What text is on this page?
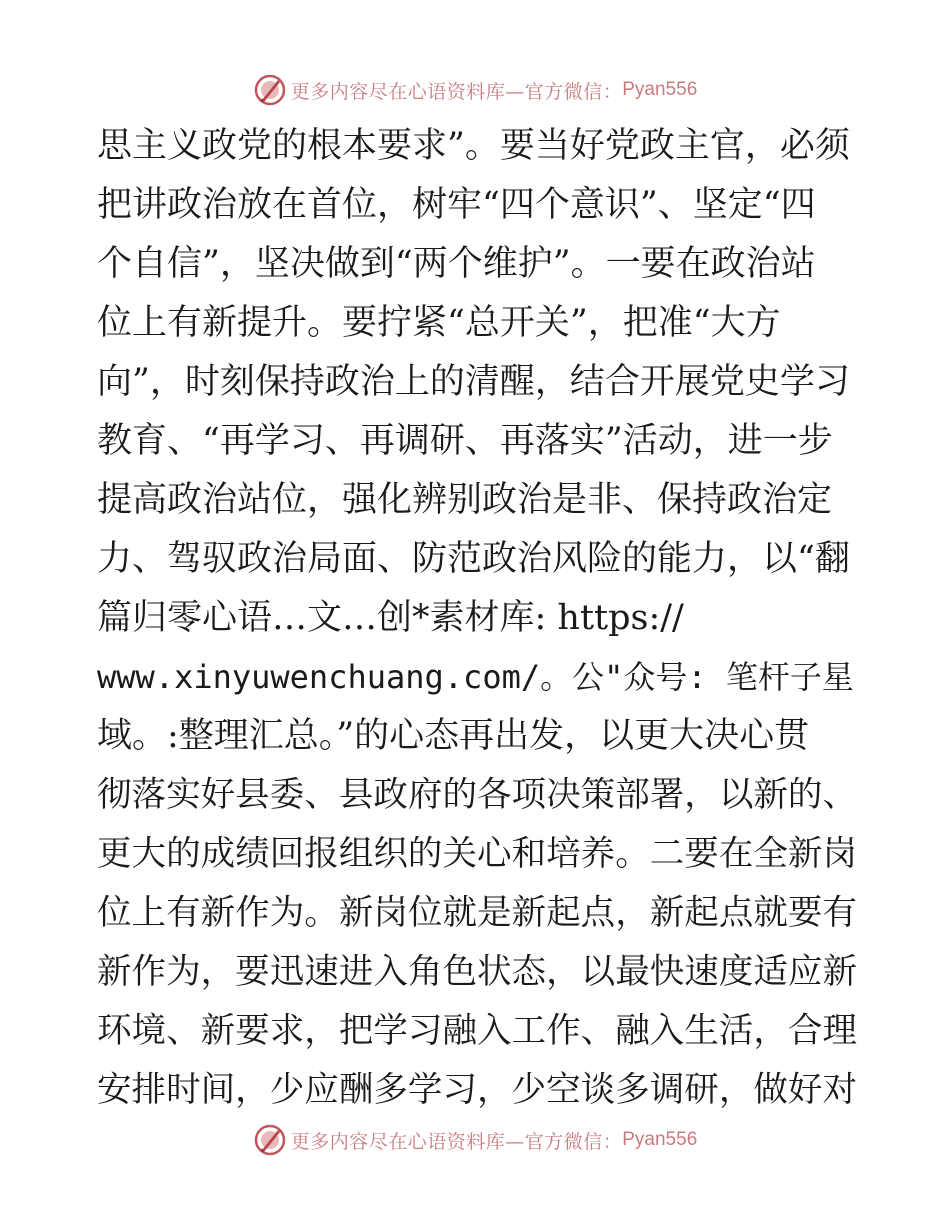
更多内容尽在心语资料库—官方微信： Pyan556
思主义政党的根本要求”。要当好党政主官，必须
把讲政治放在首位，树牢“四个意识”、坚定“四
个自信”，坚决做到“两个维护”。一要在政治站
位上有新提升。要拧紧“总开关”，把准“大方
向”，时刻保持政治上的清醒，结合开展党史学习
教育、“再学习、再调研、再落实”活动，进一步
提高政治站位，强化辨别政治是非、保持政治定
力、驾驭政治局面、防范政治风险的能力，以“翻
篇归零心语…文…创*素材库: https://
www.xinyuwenchuang.com/。公"众号: 笔杆子星
域。:整理汇总。”的心态再出发，以更大决心贯
彻落实好县委、县政府的各项决策部署，以新的、
更大的成绩回报组织的关心和培养。二要在全新岗
位上有新作为。新岗位就是新起点，新起点就要有
新作为，要迅速进入角色状态，以最快速度适应新
环境、新要求，把学习融入工作、融入生活，合理
安排时间，少应酬多学习，少空谈多调研，做好对
更多内容尽在心语资料库—官方微信： Pyan556
